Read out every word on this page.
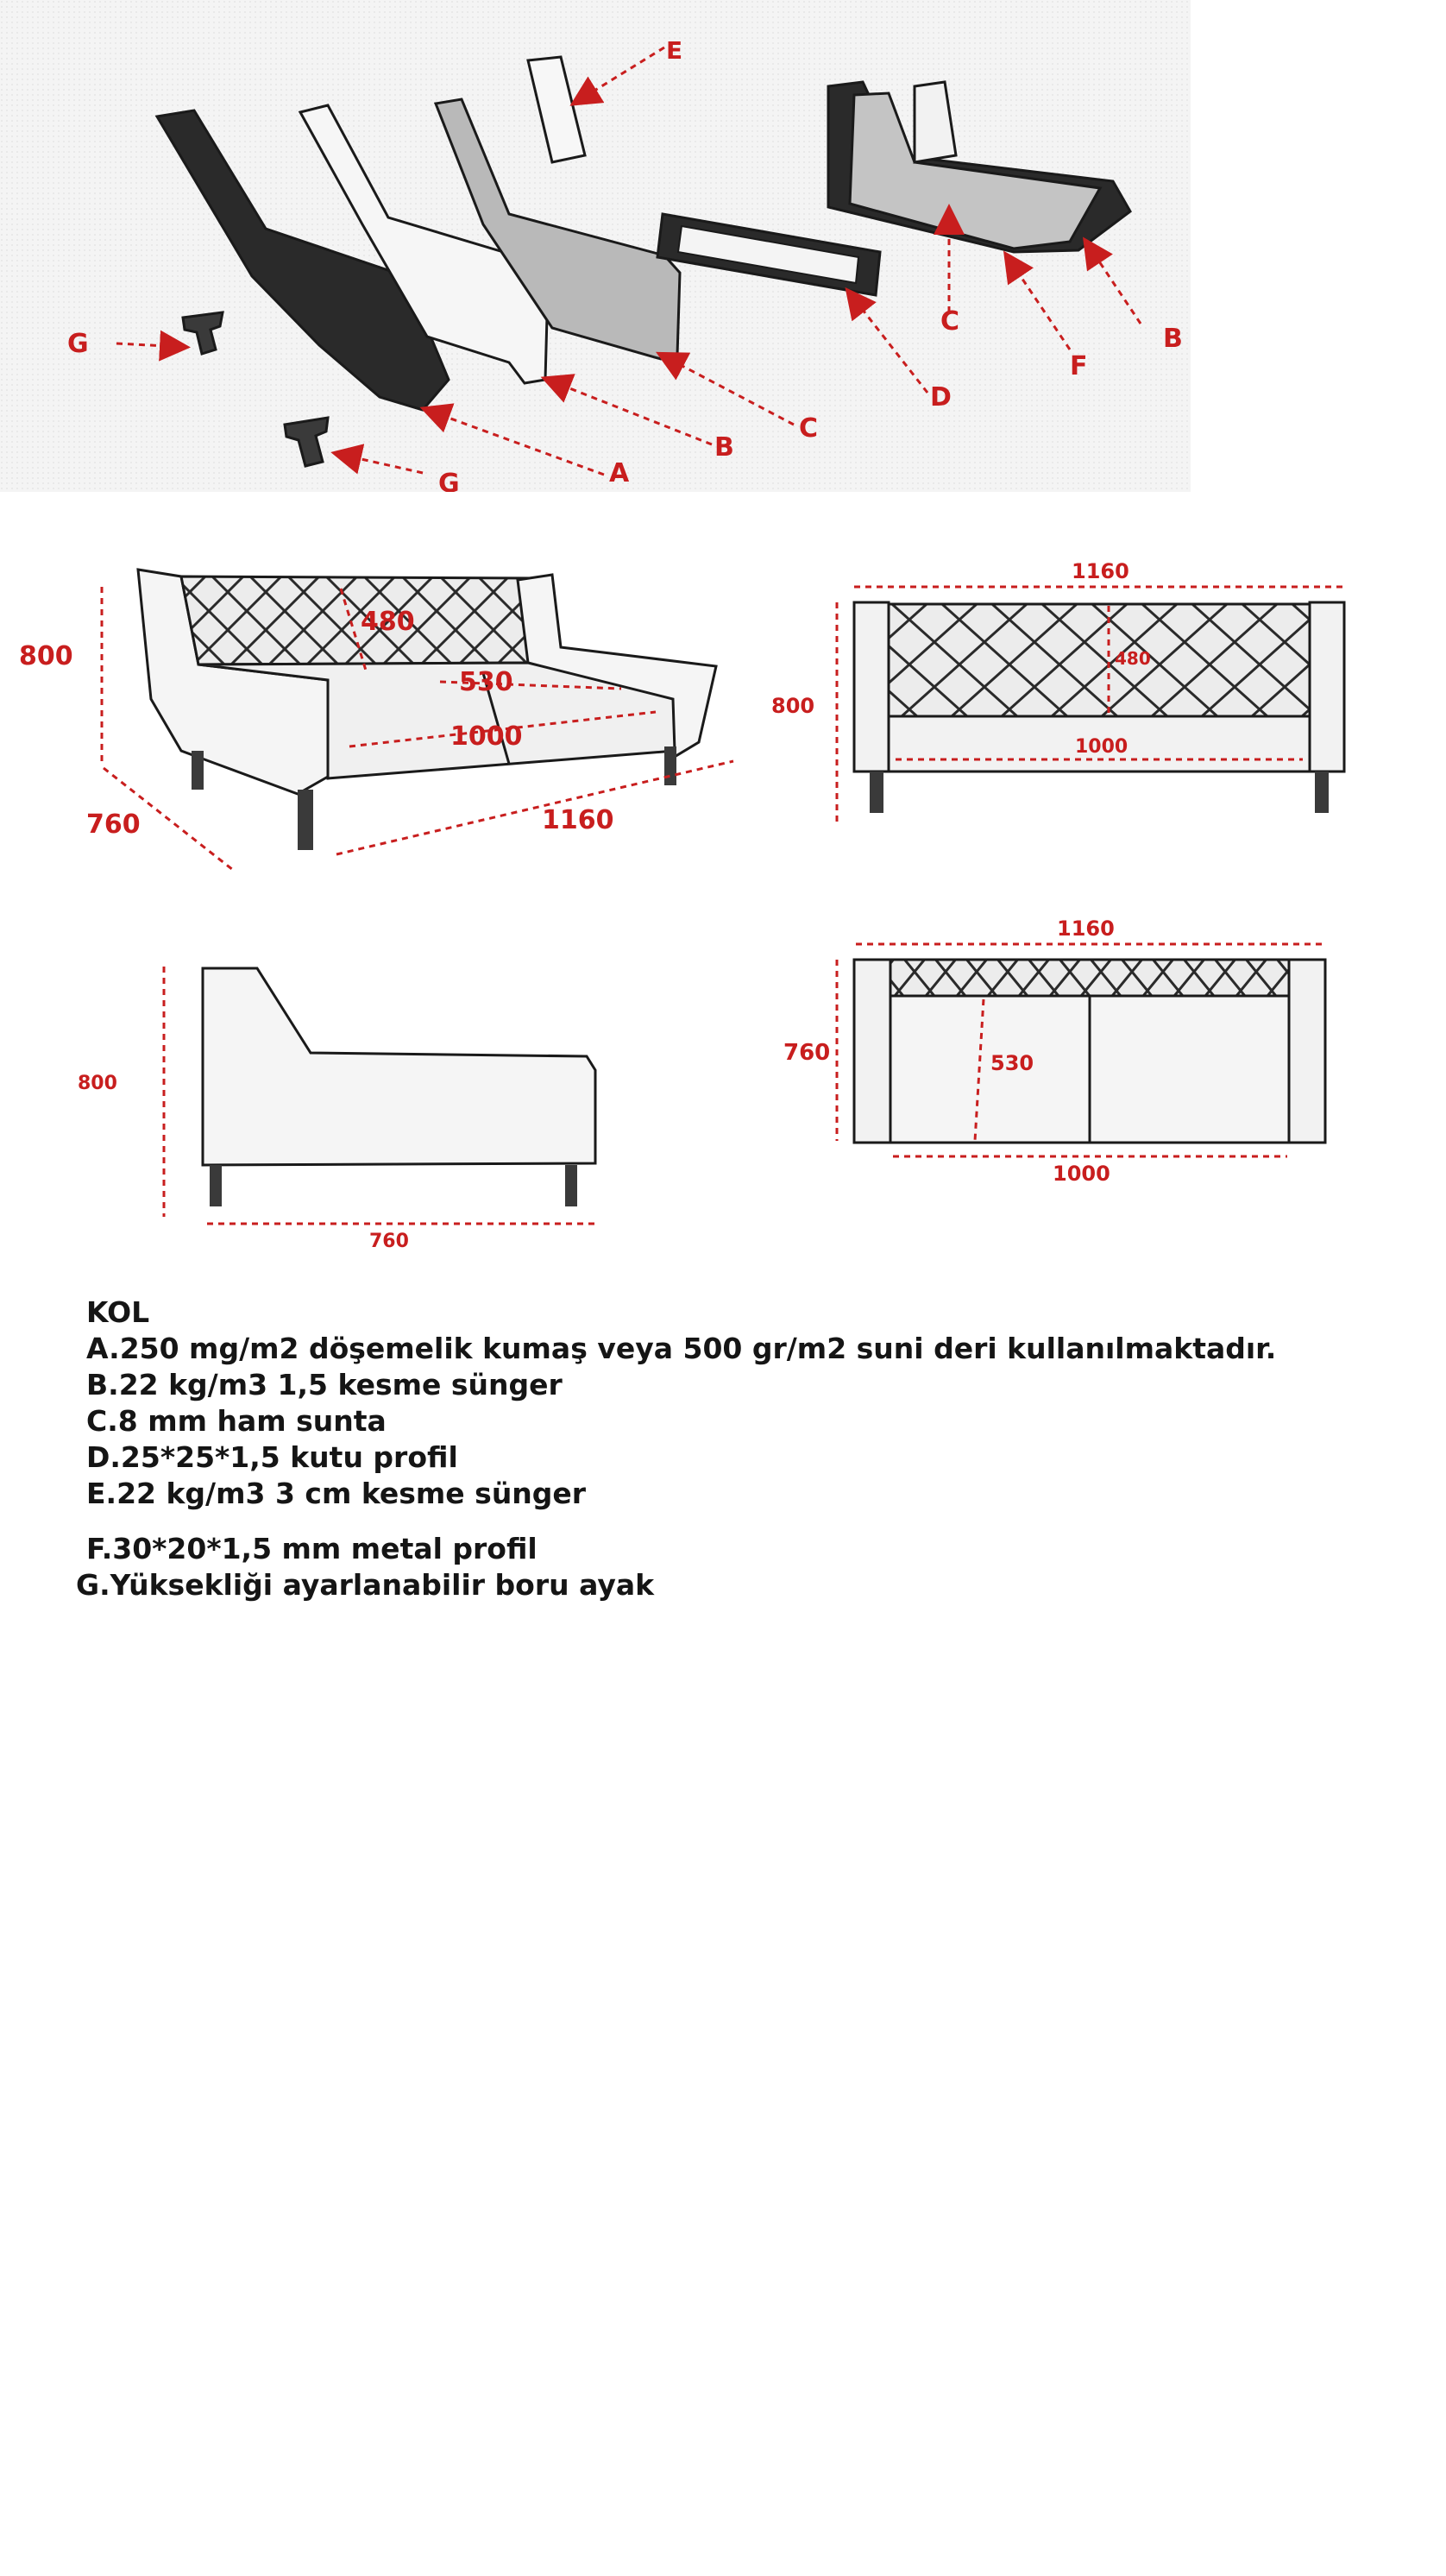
E
G
G	A
B
C
D
C
F
B
800
760	1160
1000
530
480
1160
800
480
1000
800
760
1160
760	530
1000
KOL
A.250 mg/m2 döşemelik kumaş veya 500 gr/m2 suni deri kullanılmaktadır.
B.22 kg/m3 1,5 kesme sünger
C.8 mm ham sunta
D.25*25*1,5 kutu profil
E.22 kg/m3 3 cm kesme sünger
F.30*20*1,5 mm metal profil
G.Yüksekliği ayarlanabilir boru ayak
